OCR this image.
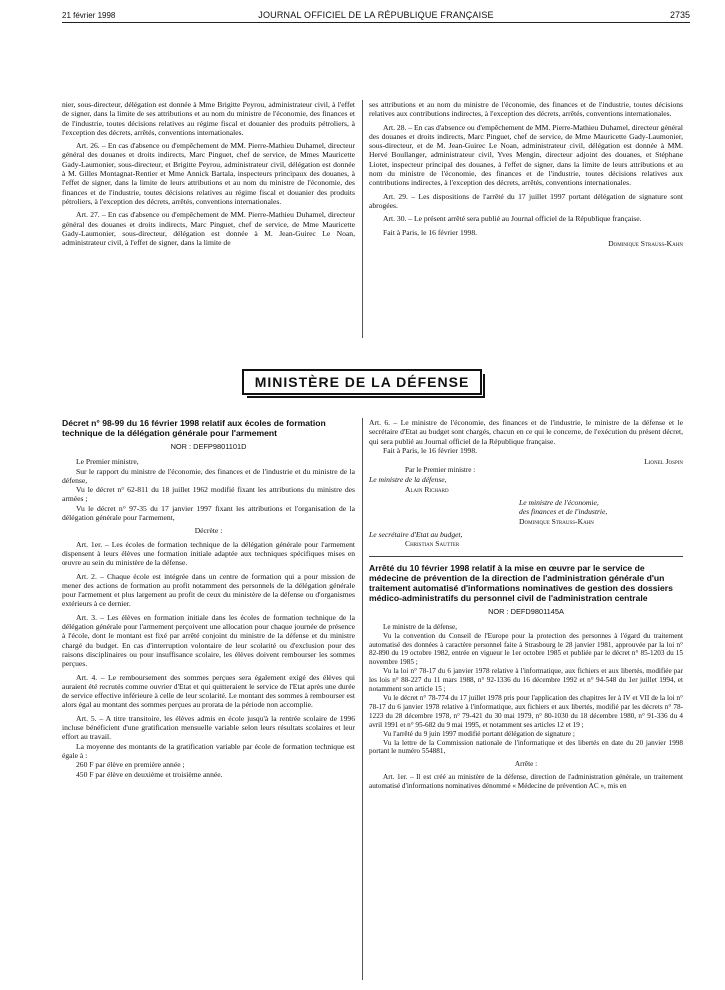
21 février 1998	JOURNAL OFFICIEL DE LA RÉPUBLIQUE FRANÇAISE	2735

nier, sous-directeur, délégation est donnée à Mme Brigitte Peyrou, administrateur civil, à l'effet de signer, dans la limite de ses attributions et au nom du ministre de l'économie, des finances et de l'industrie, toutes décisions relatives au régime fiscal et douanier des produits pétroliers, à l'exception des décrets, arrêtés, conventions internationales.

Art. 26. – En cas d'absence ou d'empêchement de MM. Pierre-Mathieu Duhamel, directeur général des douanes et droits indirects, Marc Pinguet, chef de service, de Mmes Mauricette Gady-Laumonier, sous-directeur, et Brigitte Peyrou, administrateur civil, délégation est donnée à M. Gilles Montagnat-Rentier et Mme Annick Bartala, inspecteurs principaux des douanes, à l'effet de signer, dans la limite de leurs attributions et au nom du ministre de l'économie, des finances et de l'industrie, toutes décisions relatives au régime fiscal et douanier des produits pétroliers, à l'exception des décrets, arrêtés, conventions internationales.

Art. 27. – En cas d'absence ou d'empêchement de MM. Pierre-Mathieu Duhamel, directeur général des douanes et droits indirects, Marc Pinguet, chef de service, de Mme Mauricette Gady-Laumonier, sous-directeur, délégation est donnée à M. Jean-Guirec Le Noan, administrateur civil, à l'effet de signer, dans la limite de

ses attributions et au nom du ministre de l'économie, des finances et de l'industrie, toutes décisions relatives aux contributions indirectes, à l'exception des décrets, arrêtés, conventions internationales.

Art. 28. – En cas d'absence ou d'empêchement de MM. Pierre-Mathieu Duhamel, directeur général des douanes et droits indirects, Marc Pinguet, chef de service, de Mme Mauricette Gady-Laumonier, sous-directeur, et de M. Jean-Guirec Le Noan, administrateur civil, délégation est donnée à MM. Hervé Boullanger, administrateur civil, Yves Mengin, directeur adjoint des douanes, et Stéphane Liotet, inspecteur principal des douanes, à l'effet de signer, dans la limite de leurs attributions et au nom du ministre de l'économie, des finances et de l'industrie, toutes décisions relatives aux contributions indirectes, à l'exception des décrets, arrêtés, conventions internationales.

Art. 29. – Les dispositions de l'arrêté du 17 juillet 1997 portant délégation de signature sont abrogées.

Art. 30. – Le présent arrêté sera publié au Journal officiel de la République française.

Fait à Paris, le 16 février 1998.

Dominique Strauss-Kahn

MINISTÈRE DE LA DÉFENSE
Décret n° 98-99 du 16 février 1998 relatif aux écoles de formation technique de la délégation générale pour l'armement
NOR : DEFP9801101D

Le Premier ministre,

Sur le rapport du ministre de l'économie, des finances et de l'industrie et du ministre de la défense,

Vu le décret n° 62-811 du 18 juillet 1962 modifié fixant les attributions du ministre des armées ;

Vu le décret n° 97-35 du 17 janvier 1997 fixant les attributions et l'organisation de la délégation générale pour l'armement,

Décrète :

Art. 1er. – Les écoles de formation technique de la délégation générale pour l'armement dispensent à leurs élèves une formation initiale adaptée aux techniques spécifiques mises en œuvre au sein du ministère de la défense.

Art. 2. – Chaque école est intégrée dans un centre de formation qui a pour mission de mener des actions de formation au profit notamment des personnels de la délégation générale pour l'armement et plus largement au profit de ceux du ministère de la défense ou d'organismes extérieurs à ce dernier.

Art. 3. – Les élèves en formation initiale dans les écoles de formation technique de la délégation générale pour l'armement perçoivent une allocation pour chaque journée de présence à l'école, dont le montant est fixé par arrêté conjoint du ministre de la défense et du ministre chargé du budget. En cas d'interruption volontaire de leur scolarité ou d'exclusion pour des raisons disciplinaires ou pour insuffisance scolaire, les élèves doivent rembourser les sommes perçues.

Art. 4. – Le remboursement des sommes perçues sera également exigé des élèves qui auraient été recrutés comme ouvrier d'Etat et qui quitteraient le service de l'Etat après une durée de service effective inférieure à celle de leur scolarité. Le montant des sommes à rembourser est alors égal au montant des sommes perçues au prorata de la période non accomplie.

Art. 5. – A titre transitoire, les élèves admis en école jusqu'à la rentrée scolaire de 1996 incluse bénéficient d'une gratification mensuelle variable selon leurs résultats scolaires et leur effort au travail.

La moyenne des montants de la gratification variable par école de formation technique est égale à :

260 F par élève en première année ;

450 F par élève en deuxième et troisième année.

Art. 6. – Le ministre de l'économie, des finances et de l'industrie, le ministre de la défense et le secrétaire d'Etat au budget sont chargés, chacun en ce qui le concerne, de l'exécution du présent décret, qui sera publié au Journal officiel de la République française.

Fait à Paris, le 16 février 1998.

Lionel Jospin

Par le Premier ministre :

Le ministre de la défense,

Alain Richard

Le ministre de l'économie,

des finances et de l'industrie,

Dominique Strauss-Kahn

Le secrétaire d'Etat au budget,

Christian Sautter

Arrêté du 10 février 1998 relatif à la mise en œuvre par le service de médecine de prévention de la direction de l'administration générale d'un traitement automatisé d'informations nominatives de gestion des dossiers médico-administratifs du personnel civil de l'administration centrale
NOR : DEFD9801145A

Le ministre de la défense,

Vu la convention du Conseil de l'Europe pour la protection des personnes à l'égard du traitement automatisé des données à caractère personnel faite à Strasbourg le 28 janvier 1981, approuvée par la loi n° 82-890 du 19 octobre 1982, entrée en vigueur le 1er octobre 1985 et publiée par le décret n° 85-1203 du 15 novembre 1985 ;

Vu la loi n° 78-17 du 6 janvier 1978 relative à l'informatique, aux fichiers et aux libertés, modifiée par les lois n° 88-227 du 11 mars 1988, n° 92-1336 du 16 décembre 1992 et n° 94-548 du 1er juillet 1994, et notamment son article 15 ;

Vu le décret n° 78-774 du 17 juillet 1978 pris pour l'application des chapitres Ier à IV et VII de la loi n° 78-17 du 6 janvier 1978 relative à l'informatique, aux fichiers et aux libertés, modifié par les décrets n° 78-1223 du 28 décembre 1978, n° 79-421 du 30 mai 1979, n° 80-1030 du 18 décembre 1980, n° 91-336 du 4 avril 1991 et n° 95-682 du 9 mai 1995, et notamment ses articles 12 et 19 ;

Vu l'arrêté du 9 juin 1997 modifié portant délégation de signature ;

Vu la lettre de la Commission nationale de l'informatique et des libertés en date du 20 janvier 1998 portant le numéro 554881,

Arrête :

Art. 1er. – Il est créé au ministère de la défense, direction de l'administration générale, un traitement automatisé d'informations nominatives dénommé « Médecine de prévention AC », mis en
